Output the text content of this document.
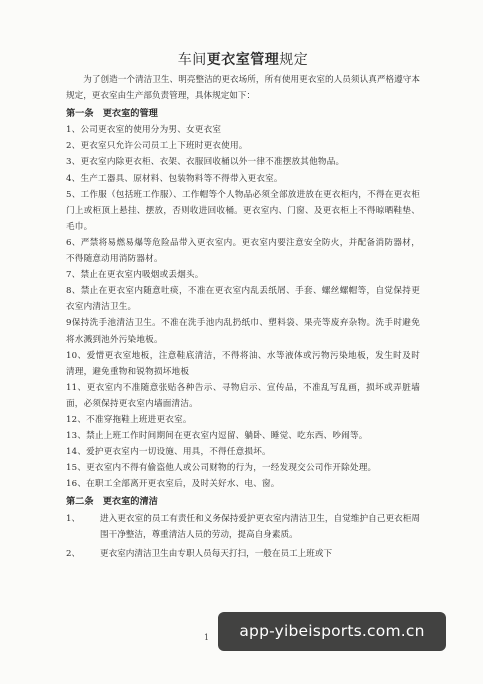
车间更衣室管理规定

为了创造一个清洁卫生、明亮整洁的更衣场所，所有使用更衣室的人员须认真严格遵守本规定，更衣室由生产部负责管理，具体规定如下：

第一条　更衣室的管理

1、公司更衣室的使用分为男、女更衣室

2、更衣室只允许公司员工上下班时更衣使用。

3、更衣室内除更衣柜、衣架、衣服回收桶以外一律不准摆放其他物品。

4、生产工器具、原材料、包装物料等不得带入更衣室。

5、工作服（包括班工作服）、工作帽等个人物品必须全部放进放在更衣柜内，不得在更衣柜门上或柜顶上悬挂、摆放，否则收进回收桶。更衣室内、门窗、及更衣柜上不得晾晒鞋垫、毛巾。

6、严禁将易燃易爆等危险品带入更衣室内。更衣室内要注意安全防火，并配备消防器材，不得随意动用消防器材。

7、禁止在更衣室内吸烟或丢烟头。

8、禁止在更衣室内随意吐痰，不准在更衣室内乱丢纸屑、手套、螺丝螺帽等，自觉保持更衣室内清洁卫生。

9保持洗手池清洁卫生。不准在洗手池内乱扔纸巾、塑料袋、果壳等废弃杂物。洗手时避免将水溅到池外污染地板。

10、爱惜更衣室地板，注意鞋底清洁，不得将油、水等液体或污物污染地板，发生时及时清理，避免重物和锐物损坏地板

11、更衣室内不准随意张贴各种告示、寻物启示、宣传品，不准乱写乱画，损坏或弄脏墙面，必须保持更衣室内墙面清洁。

12、不准穿拖鞋上班进更衣室。

13、禁止上班工作时间期间在更衣室内逗留、躺卧、睡觉、吃东西、吵闹等。

14、爱护更衣室内一切设施、用具，不得任意损坏。

15、更衣室内不得有偷盗他人或公司财物的行为，一经发现交公司作开除处理。

16、在职工全部离开更衣室后，及时关好水、电、窗。

第二条　更衣室的清洁
1、	进入更衣室的员工有责任和义务保持爱护更衣室内清洁卫生，自觉维护自己更衣柜周围干净整洁，尊重清洁人员的劳动，提高自身素质。
2、	更衣室内清洁卫生由专职人员每天打扫，一般在员工上班或下
1	app-yibeisports.com.cn
